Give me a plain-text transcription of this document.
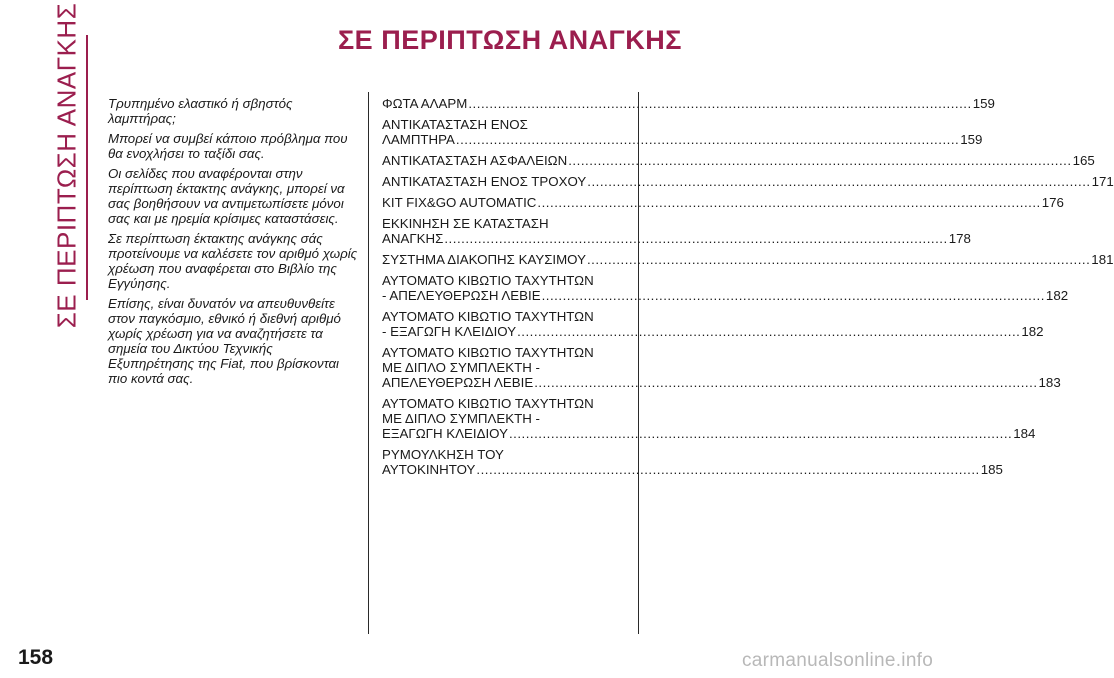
ΣΕ ΠΕΡΙΠΤΩΣΗ ΑΝΑΓΚΗΣ	ΣΕ ΠΕΡΙΠΤΩΣΗ ΑΝΑΓΚΗΣ

Τρυπημένο ελαστικό ή σβηστός λαμπτήρας;

Μπορεί να συμβεί κάποιο πρόβλημα που θα ενοχλήσει το ταξίδι σας.

Οι σελίδες που αναφέρονται στην περίπτωση έκτακτης ανάγκης, μπορεί να σας βοηθήσουν να αντιμετωπίσετε μόνοι σας και με ηρεμία κρίσιμες καταστάσεις.

Σε περίπτωση έκτακτης ανάγκης σάς προτείνουμε να καλέσετε τον αριθμό χωρίς χρέωση που αναφέρεται στο Βιβλίο της Εγγύησης.

Επίσης, είναι δυνατόν να απευθυνθείτε στον παγκόσμιο, εθνικό ή διεθνή αριθμό χωρίς χρέωση για να αναζητήσετε τα σημεία του Δικτύου Τεχνικής Εξυπηρέτησης της Fiat, που βρίσκονται πιο κοντά σας.

ΦΩΤΑ ΑΛΑΡΜ ........................................................................................................................ 159
ΑΝΤΙΚΑΤΑΣΤΑΣΗ ΕΝΟΣ
ΛΑΜΠΤΗΡΑ ........................................................................................................................ 159
ΑΝΤΙΚΑΤΑΣΤΑΣΗ ΑΣΦΑΛΕΙΩΝ ........................................................................................................................ 165
ΑΝΤΙΚΑΤΑΣΤΑΣΗ ΕΝΟΣ ΤΡΟΧΟΥ ........................................................................................................................ 171
KIT FIX&GO AUTOMATIC ........................................................................................................................ 176
ΕΚΚΙΝΗΣΗ ΣΕ ΚΑΤΑΣΤΑΣΗ
ΑΝΑΓΚΗΣ ........................................................................................................................ 178
ΣΥΣΤΗΜΑ ΔΙΑΚΟΠΗΣ ΚΑΥΣΙΜΟΥ ........................................................................................................................ 181
ΑΥΤΟΜΑΤΟ ΚΙΒΩΤΙΟ ΤΑΧΥΤΗΤΩΝ
- ΑΠΕΛΕΥΘΕΡΩΣΗ ΛΕΒΙΕ ........................................................................................................................ 182
ΑΥΤΟΜΑΤΟ ΚΙΒΩΤΙΟ ΤΑΧΥΤΗΤΩΝ
- ΕΞΑΓΩΓΗ ΚΛΕΙΔΙΟΥ ........................................................................................................................ 182
ΑΥΤΟΜΑΤΟ ΚΙΒΩΤΙΟ ΤΑΧΥΤΗΤΩΝ
ΜΕ ΔΙΠΛΟ ΣΥΜΠΛΕΚΤΗ -
ΑΠΕΛΕΥΘΕΡΩΣΗ ΛΕΒΙΕ ........................................................................................................................ 183
ΑΥΤΟΜΑΤΟ ΚΙΒΩΤΙΟ ΤΑΧΥΤΗΤΩΝ
ΜΕ ΔΙΠΛΟ ΣΥΜΠΛΕΚΤΗ -
ΕΞΑΓΩΓΗ ΚΛΕΙΔΙΟΥ ........................................................................................................................ 184
ΡΥΜΟΥΛΚΗΣΗ ΤΟΥ
ΑΥΤΟΚΙΝΗΤΟΥ ........................................................................................................................ 185
158	carmanualsonline.info
